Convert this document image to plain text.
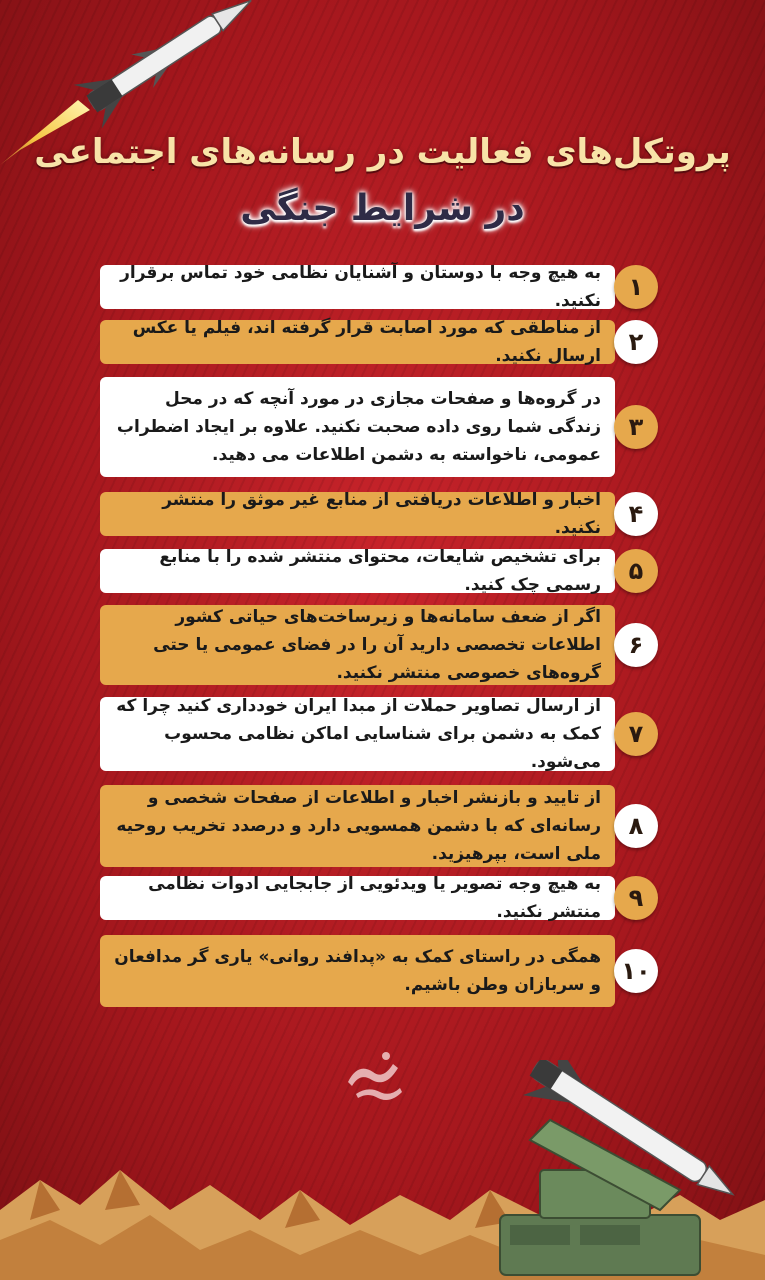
پروتکل‌های فعالیت در رسانه‌های اجتماعی
در شرایط جنگی
به هیچ وجه با دوستان و آشنایان نظامی خود تماس برقرار نکنید.	۱
از مناطقی که مورد اصابت قرار گرفته اند، فیلم یا عکس ارسال نکنید.	۲
در گروه‌ها و صفحات مجازی در مورد آنچه که در محل زندگی شما روی داده صحبت نکنید. علاوه بر ایجاد اضطراب عمومی، ناخواسته به دشمن اطلاعات می دهید.
۳
اخبار و اطلاعات دریافتی از منابع غیر موثق را منتشر نکنید.	۴
برای تشخیص شایعات، محتوای منتشر شده را با منابع رسمی چک کنید.	۵
اگر از ضعف سامانه‌ها و زیرساخت‌های حیاتی کشور اطلاعات تخصصی دارید آن را در فضای عمومی یا حتی گروه‌های خصوصی منتشر نکنید.
۶
از ارسال تصاویر حملات از مبدا ایران خودداری کنید چرا که کمک به دشمن برای شناسایی اماکن نظامی محسوب می‌شود.
۷
از تایید و بازنشر اخبار و اطلاعات از صفحات شخصی و رسانه‌ای که با دشمن همسویی دارد و درصدد تخریب روحیه ملی است، بپرهیزید.
۸
به هیچ وجه تصویر یا ویدئویی از جابجایی ادوات نظامی منتشر نکنید.	۹
همگی در راستای کمک به «پدافند روانی» یاری گر مدافعان و سربازان وطن باشیم. ۱۰
